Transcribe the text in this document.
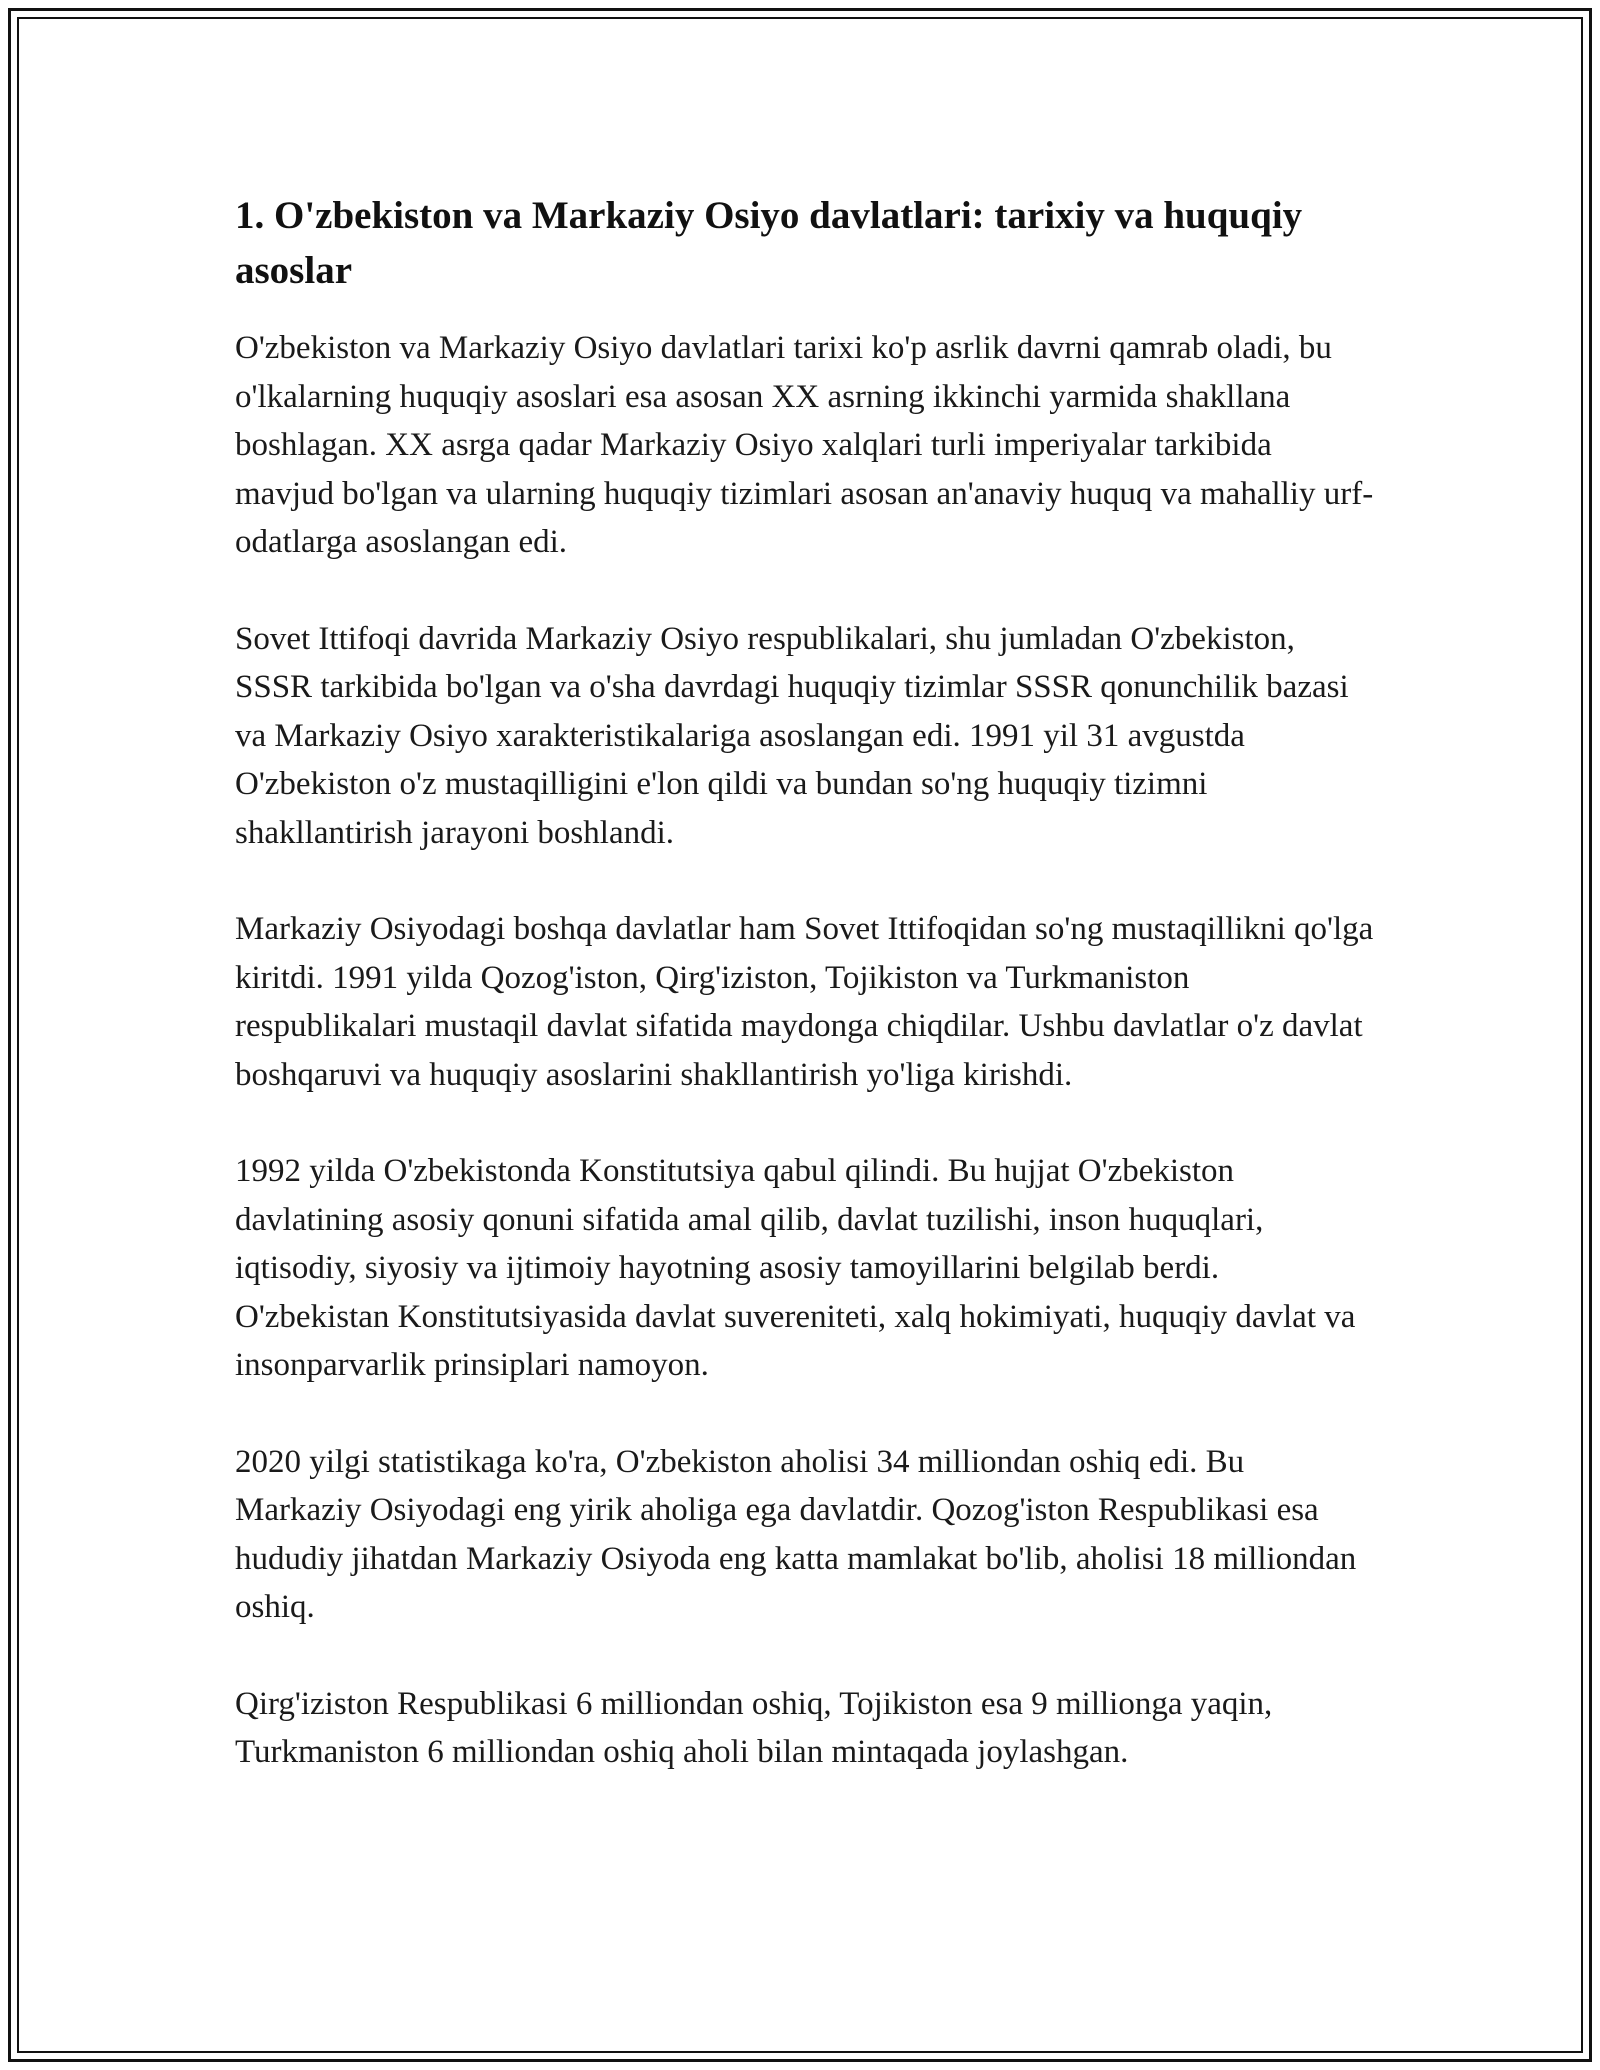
1. O'zbekiston va Markaziy Osiyo davlatlari: tarixiy va huquqiy asoslar

O'zbekiston va Markaziy Osiyo davlatlari tarixi ko'p asrlik davrni qamrab oladi, bu o'lkalarning huquqiy asoslari esa asosan XX asrning ikkinchi yarmida shakllana boshlagan. XX asrga qadar Markaziy Osiyo xalqlari turli imperiyalar tarkibida mavjud bo'lgan va ularning huquqiy tizimlari asosan an'anaviy huquq va mahalliy urf-odatlarga asoslangan edi.

Sovet Ittifoqi davrida Markaziy Osiyo respublikalari, shu jumladan O'zbekiston, SSSR tarkibida bo'lgan va o'sha davrdagi huquqiy tizimlar SSSR qonunchilik bazasi va Markaziy Osiyo xarakteristikalariga asoslangan edi. 1991 yil 31 avgustda O'zbekiston o'z mustaqilligini e'lon qildi va bundan so'ng huquqiy tizimni shakllantirish jarayoni boshlandi.

Markaziy Osiyodagi boshqa davlatlar ham Sovet Ittifoqidan so'ng mustaqillikni qo'lga kiritdi. 1991 yilda Qozog'iston, Qirg'iziston, Tojikiston va Turkmaniston respublikalari mustaqil davlat sifatida maydonga chiqdilar. Ushbu davlatlar o'z davlat boshqaruvi va huquqiy asoslarini shakllantirish yo'liga kirishdi.

1992 yilda O'zbekistonda Konstitutsiya qabul qilindi. Bu hujjat O'zbekiston davlatining asosiy qonuni sifatida amal qilib, davlat tuzilishi, inson huquqlari, iqtisodiy, siyosiy va ijtimoiy hayotning asosiy tamoyillarini belgilab berdi. O'zbekistan Konstitutsiyasida davlat suvereniteti, xalq hokimiyati, huquqiy davlat va insonparvarlik prinsiplari namoyon.

2020 yilgi statistikaga ko'ra, O'zbekiston aholisi 34 milliondan oshiq edi. Bu Markaziy Osiyodagi eng yirik aholiga ega davlatdir. Qozog'iston Respublikasi esa hududiy jihatdan Markaziy Osiyoda eng katta mamlakat bo'lib, aholisi 18 milliondan oshiq.

Qirg'iziston Respublikasi 6 milliondan oshiq, Tojikiston esa 9 millionga yaqin, Turkmaniston 6 milliondan oshiq aholi bilan mintaqada joylashgan.
